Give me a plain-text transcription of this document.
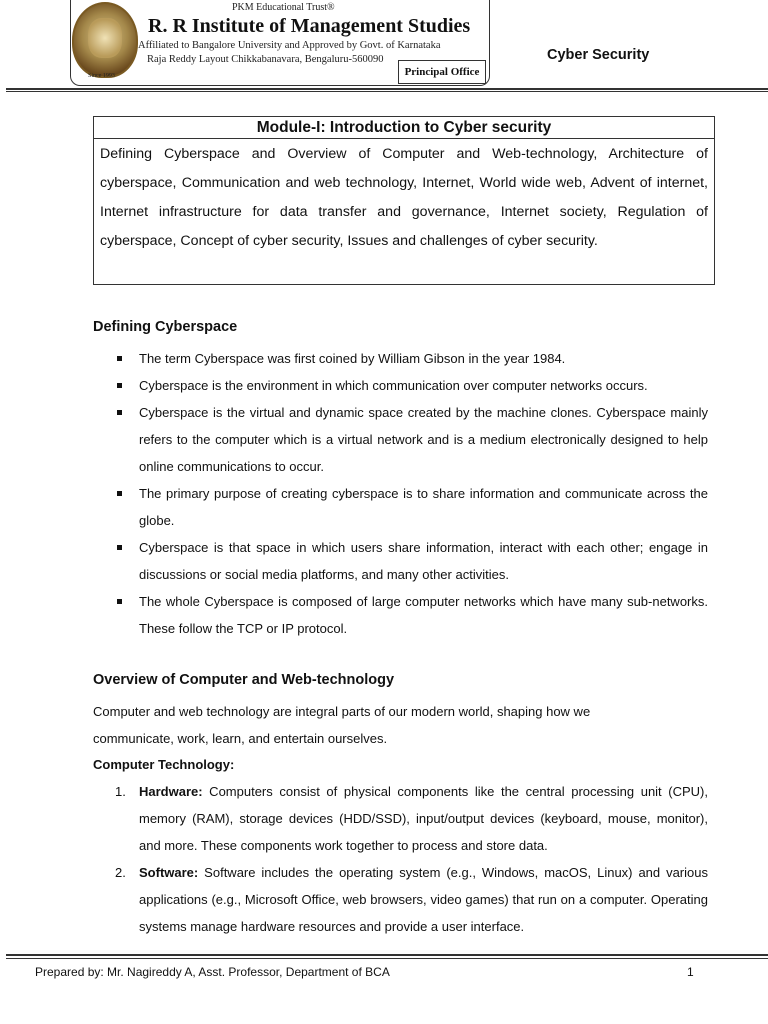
Since 1993
PKM Educational Trust®
R. R Institute of Management Studies
Affiliated to Bangalore University and Approved by Govt. of Karnataka
Raja Reddy Layout Chikkabanavara, Bengaluru-560090
Principal Office
Cyber Security
Module-I: Introduction to Cyber security
Defining Cyberspace and Overview of Computer and Web-technology, Architecture of cyberspace, Communication and web technology, Internet, World wide web, Advent of internet, Internet infrastructure for data transfer and governance, Internet society, Regulation of cyberspace, Concept of cyber security, Issues and challenges of cyber security.
Defining Cyberspace
The term Cyberspace was first coined by William Gibson in the year 1984.
Cyberspace is the environment in which communication over computer networks occurs.
Cyberspace is the virtual and dynamic space created by the machine clones. Cyberspace mainly refers to the computer which is a virtual network and is a medium electronically designed to help online communications to occur.
The primary purpose of creating cyberspace is to share information and communicate across the globe.
Cyberspace is that space in which users share information, interact with each other; engage in discussions or social media platforms, and many other activities.
The whole Cyberspace is composed of large computer networks which have many sub-networks. These follow the TCP or IP protocol.
Overview of Computer and Web-technology

Computer and web technology are integral parts of our modern world, shaping how we communicate, work, learn, and entertain ourselves.

Computer Technology:
1. Hardware: Computers consist of physical components like the central processing unit (CPU), memory (RAM), storage devices (HDD/SSD), input/output devices (keyboard, mouse, monitor), and more. These components work together to process and store data.
2. Software: Software includes the operating system (e.g., Windows, macOS, Linux) and various applications (e.g., Microsoft Office, web browsers, video games) that run on a computer. Operating systems manage hardware resources and provide a user interface.
Prepared by: Mr. Nagireddy A, Asst. Professor, Department of BCA	1
